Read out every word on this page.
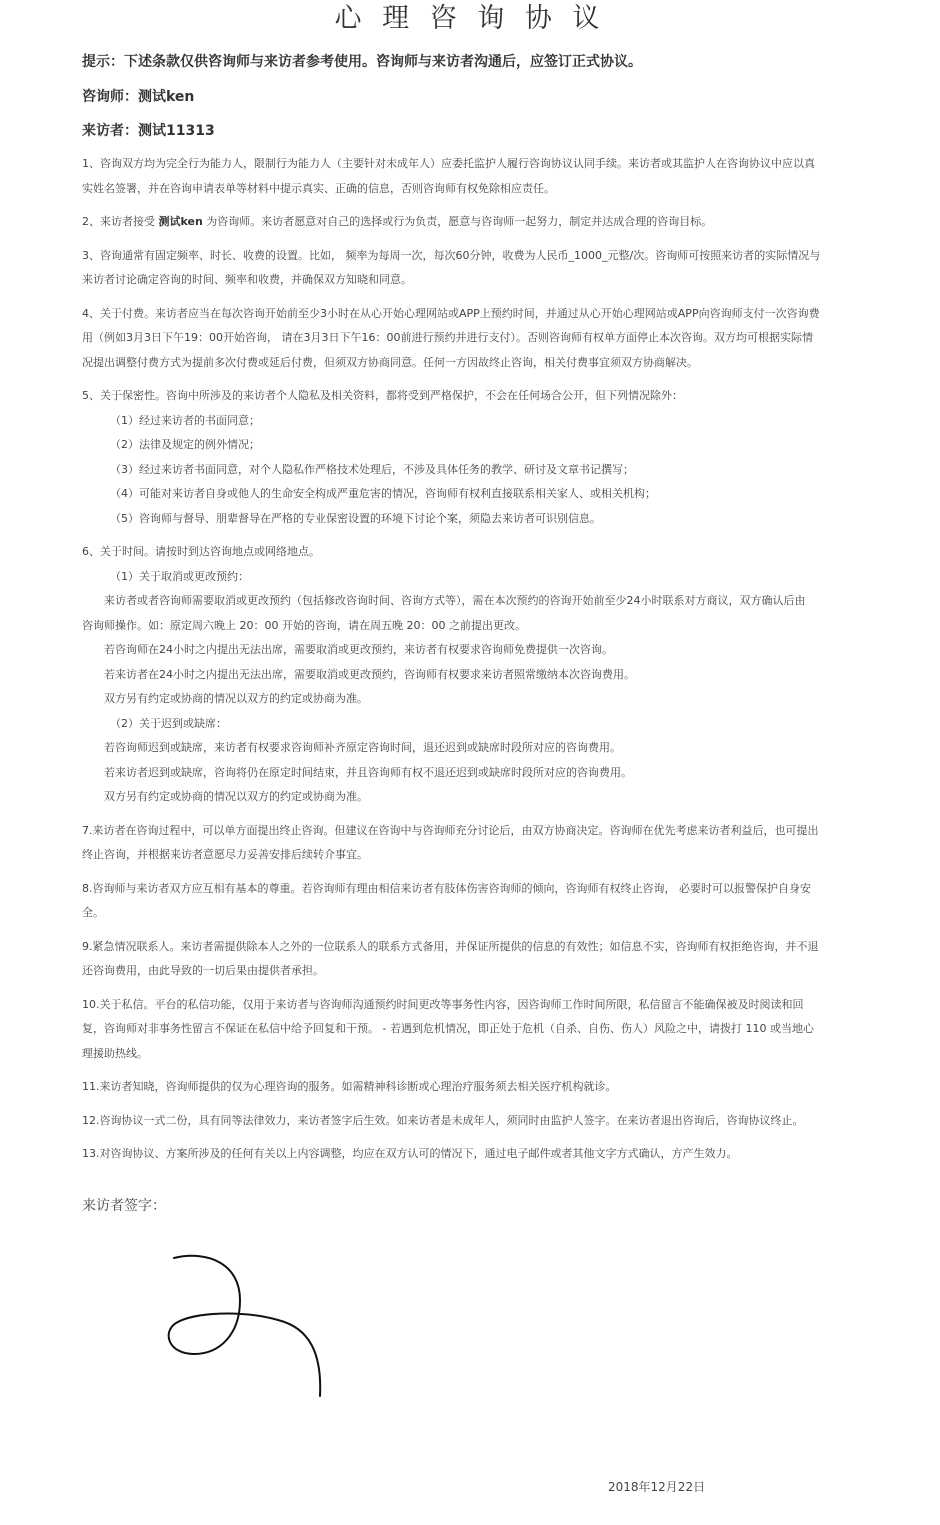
心 理 咨 询 协 议
提示：下述条款仅供咨询师与来访者参考使用。咨询师与来访者沟通后，应签订正式协议。
咨询师：测试ken
来访者：测试11313
1、咨询双方均为完全行为能力人，限制行为能力人（主要针对未成年人）应委托监护人履行咨询协议认同手续。来访者或其监护人在咨询协议中应以真
实姓名签署，并在咨询申请表单等材料中提示真实、正确的信息，否则咨询师有权免除相应责任。
2、来访者接受 测试ken 为咨询师。来访者愿意对自己的选择或行为负责，愿意与咨询师一起努力，制定并达成合理的咨询目标。
3、咨询通常有固定频率、时长、收费的设置。比如， 频率为每周一次，每次60分钟，收费为人民币_1000_元整/次。咨询师可按照来访者的实际情况与
来访者讨论确定咨询的时间、频率和收费，并确保双方知晓和同意。
4、关于付费。来访者应当在每次咨询开始前至少3小时在从心开始心理网站或APP上预约时间，并通过从心开始心理网站或APP向咨询师支付一次咨询费
用（例如3月3日下午19：00开始咨询， 请在3月3日下午16：00前进行预约并进行支付）。否则咨询师有权单方面停止本次咨询。双方均可根据实际情
况提出调整付费方式为提前多次付费或延后付费，但须双方协商同意。任何一方因故终止咨询，相关付费事宜须双方协商解决。
5、关于保密性。咨询中所涉及的来访者个人隐私及相关资料，都将受到严格保护，不会在任何场合公开，但下列情况除外：
（1）经过来访者的书面同意；
（2）法律及规定的例外情况；
（3）经过来访者书面同意，对个人隐私作严格技术处理后，不涉及具体任务的教学、研讨及文章书记撰写；
（4）可能对来访者自身或他人的生命安全构成严重危害的情况，咨询师有权利直接联系相关家人、或相关机构；
（5）咨询师与督导、朋辈督导在严格的专业保密设置的环境下讨论个案，须隐去来访者可识别信息。
6、关于时间。请按时到达咨询地点或网络地点。
（1）关于取消或更改预约：
来访者或者咨询师需要取消或更改预约（包括修改咨询时间、咨询方式等），需在本次预约的咨询开始前至少24小时联系对方商议，双方确认后由
咨询师操作。如：原定周六晚上 20：00 开始的咨询，请在周五晚 20：00 之前提出更改。
若咨询师在24小时之内提出无法出席，需要取消或更改预约，来访者有权要求咨询师免费提供一次咨询。
若来访者在24小时之内提出无法出席，需要取消或更改预约，咨询师有权要求来访者照常缴纳本次咨询费用。
双方另有约定或协商的情况以双方的约定或协商为准。
（2）关于迟到或缺席：
若咨询师迟到或缺席，来访者有权要求咨询师补齐原定咨询时间，退还迟到或缺席时段所对应的咨询费用。
若来访者迟到或缺席，咨询将仍在原定时间结束，并且咨询师有权不退还迟到或缺席时段所对应的咨询费用。
双方另有约定或协商的情况以双方的约定或协商为准。
7.来访者在咨询过程中，可以单方面提出终止咨询。但建议在咨询中与咨询师充分讨论后，由双方协商决定。咨询师在优先考虑来访者利益后，也可提出
终止咨询，并根据来访者意愿尽力妥善安排后续转介事宜。
8.咨询师与来访者双方应互相有基本的尊重。若咨询师有理由相信来访者有肢体伤害咨询师的倾向，咨询师有权终止咨询， 必要时可以报警保护自身安
全。
9.紧急情况联系人。来访者需提供除本人之外的一位联系人的联系方式备用，并保证所提供的信息的有效性；如信息不实，咨询师有权拒绝咨询，并不退
还咨询费用，由此导致的一切后果由提供者承担。
10.关于私信。平台的私信功能，仅用于来访者与咨询师沟通预约时间更改等事务性内容，因咨询师工作时间所限，私信留言不能确保被及时阅读和回
复，咨询师对非事务性留言不保证在私信中给予回复和干预。 - 若遇到危机情况，即正处于危机（自杀、自伤、伤人）风险之中，请拨打 110 或当地心
理援助热线。
11.来访者知晓，咨询师提供的仅为心理咨询的服务。如需精神科诊断或心理治疗服务须去相关医疗机构就诊。
12.咨询协议一式二份，具有同等法律效力，来访者签字后生效。如来访者是未成年人，须同时由监护人签字。在来访者退出咨询后，咨询协议终止。
13.对咨询协议、方案所涉及的任何有关以上内容调整，均应在双方认可的情况下，通过电子邮件或者其他文字方式确认，方产生效力。
来访者签字：
2018年12月22日
